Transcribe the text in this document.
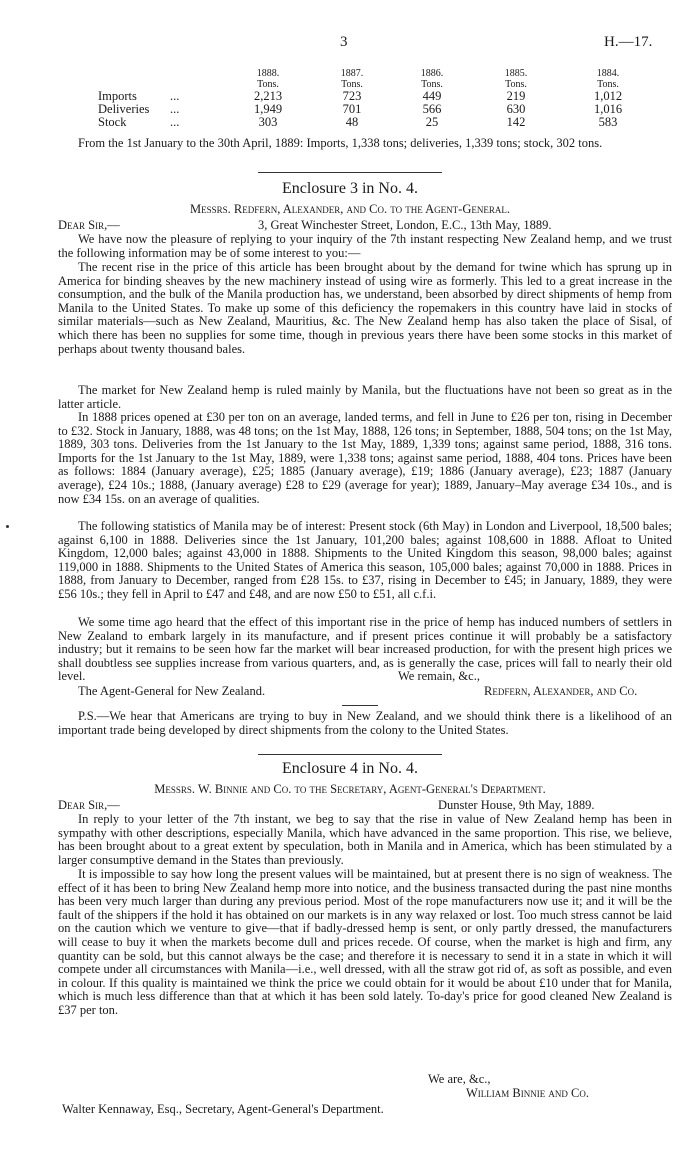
3	H.—17.
		1888.	1887.	1886.	1885.	1884.
		Tons.	Tons.	Tons.	Tons.	Tons.
Imports	...	2,213	723	449	219	1,012
Deliveries	...	1,949	701	566	630	1,016
Stock	...	303	48	25	142	583
From the 1st January to the 30th April, 1889: Imports, 1,338 tons; deliveries, 1,339 tons; stock, 302 tons.
Enclosure 3 in No. 4.
Messrs. Redfern, Alexander, and Co. to the Agent-General.
Dear Sir,—	3, Great Winchester Street, London, E.C., 13th May, 1889.
We have now the pleasure of replying to your inquiry of the 7th instant respecting New Zealand hemp, and we trust the following information may be of some interest to you:—
The recent rise in the price of this article has been brought about by the demand for twine which has sprung up in America for binding sheaves by the new machinery instead of using wire as formerly. This led to a great increase in the consumption, and the bulk of the Manila production has, we understand, been absorbed by direct shipments of hemp from Manila to the United States. To make up some of this deficiency the ropemakers in this country have laid in stocks of similar materials—such as New Zealand, Mauritius, &c. The New Zealand hemp has also taken the place of Sisal, of which there has been no supplies for some time, though in previous years there have been some stocks in this market of perhaps about twenty thousand bales.
The market for New Zealand hemp is ruled mainly by Manila, but the fluctuations have not been so great as in the latter article.
In 1888 prices opened at £30 per ton on an average, landed terms, and fell in June to £26 per ton, rising in December to £32. Stock in January, 1888, was 48 tons; on the 1st May, 1888, 126 tons; in September, 1888, 504 tons; on the 1st May, 1889, 303 tons. Deliveries from the 1st January to the 1st May, 1889, 1,339 tons; against same period, 1888, 316 tons. Imports for the 1st January to the 1st May, 1889, were 1,338 tons; against same period, 1888, 404 tons. Prices have been as follows: 1884 (January average), £25; 1885 (January average), £19; 1886 (January average), £23; 1887 (January average), £24 10s.; 1888, (January average) £28 to £29 (average for year); 1889, January–May average £34 10s., and is now £34 15s. on an average of qualities.
The following statistics of Manila may be of interest: Present stock (6th May) in London and Liverpool, 18,500 bales; against 6,100 in 1888. Deliveries since the 1st January, 101,200 bales; against 108,600 in 1888. Afloat to United Kingdom, 12,000 bales; against 43,000 in 1888. Shipments to the United Kingdom this season, 98,000 bales; against 119,000 in 1888. Shipments to the United States of America this season, 105,000 bales; against 70,000 in 1888. Prices in 1888, from January to December, ranged from £28 15s. to £37, rising in December to £45; in January, 1889, they were £56 10s.; they fell in April to £47 and £48, and are now £50 to £51, all c.f.i.
We some time ago heard that the effect of this important rise in the price of hemp has induced numbers of settlers in New Zealand to embark largely in its manufacture, and if present prices continue it will probably be a satisfactory industry; but it remains to be seen how far the market will bear increased production, for with the present high prices we shall doubtless see supplies increase from various quarters, and, as is generally the case, prices will fall to nearly their old level.	We remain, &c.,
The Agent-General for New Zealand.	Redfern, Alexander, and Co.
P.S.—We hear that Americans are trying to buy in New Zealand, and we should think there is a likelihood of an important trade being developed by direct shipments from the colony to the United States.
Enclosure 4 in No. 4.
Messrs. W. Binnie and Co. to the Secretary, Agent-General's Department.
Dear Sir,—	Dunster House, 9th May, 1889.
In reply to your letter of the 7th instant, we beg to say that the rise in value of New Zealand hemp has been in sympathy with other descriptions, especially Manila, which have advanced in the same proportion. This rise, we believe, has been brought about to a great extent by speculation, both in Manila and in America, which has been stimulated by a larger consumptive demand in the States than previously.
It is impossible to say how long the present values will be maintained, but at present there is no sign of weakness. The effect of it has been to bring New Zealand hemp more into notice, and the business transacted during the past nine months has been very much larger than during any previous period. Most of the rope manufacturers now use it; and it will be the fault of the shippers if the hold it has obtained on our markets is in any way relaxed or lost. Too much stress cannot be laid on the caution which we venture to give—that if badly-dressed hemp is sent, or only partly dressed, the manufacturers will cease to buy it when the markets become dull and prices recede. Of course, when the market is high and firm, any quantity can be sold, but this cannot always be the case; and therefore it is necessary to send it in a state in which it will compete under all circumstances with Manila—i.e., well dressed, with all the straw got rid of, as soft as possible, and even in colour. If this quality is maintained we think the price we could obtain for it would be about £10 under that for Manila, which is much less difference than that at which it has been sold lately. To-day's price for good cleaned New Zealand is £37 per ton.
We are, &c.,
William Binnie and Co.
Walter Kennaway, Esq., Secretary, Agent-General's Department.
